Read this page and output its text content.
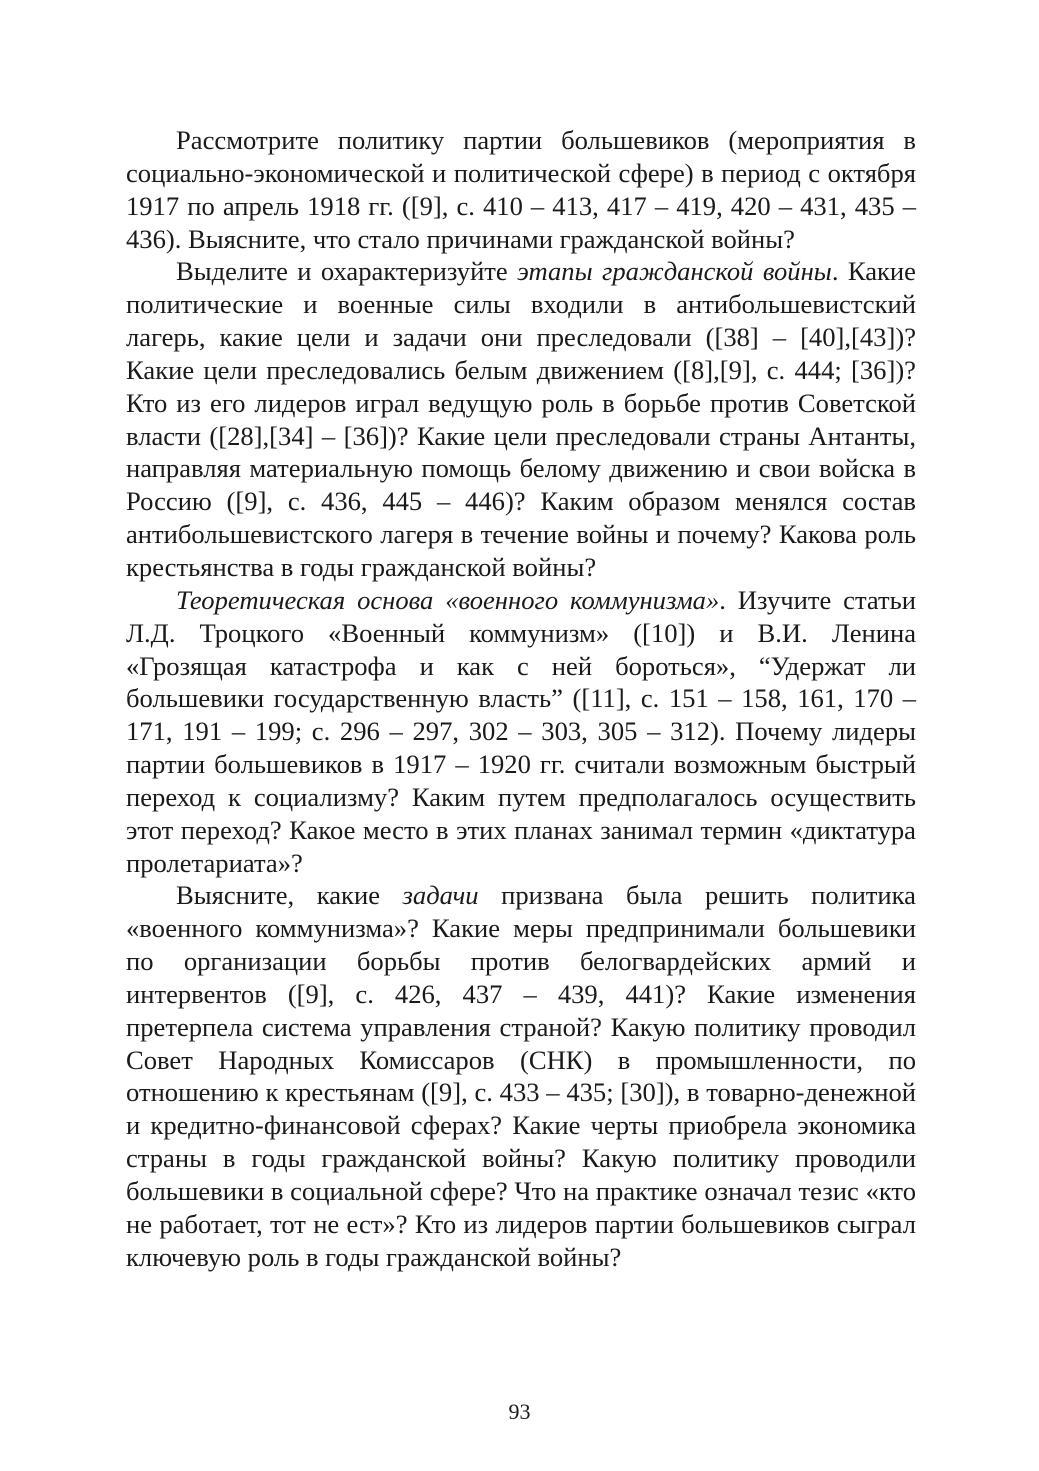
Рассмотрите политику партии большевиков (мероприятия в социально-экономической и политической сфере) в период с октября 1917 по апрель 1918 гг. ([9], с. 410 – 413, 417 – 419, 420 – 431, 435 – 436). Выясните, что стало причинами гражданской войны?

Выделите и охарактеризуйте этапы гражданской войны. Какие политические и военные силы входили в антибольшевистский лагерь, какие цели и задачи они преследовали ([38] – [40],[43])? Какие цели преследовались белым движением ([8],[9], с. 444; [36])? Кто из его лидеров играл ведущую роль в борьбе против Советской власти ([28],[34] – [36])? Какие цели преследовали страны Антанты, направляя материальную помощь белому движению и свои войска в Россию ([9], с. 436, 445 – 446)? Каким образом менялся состав антибольшевистского лагеря в течение войны и почему? Какова роль крестьянства в годы гражданской войны?

Теоретическая основа «военного коммунизма». Изучите статьи Л.Д. Троцкого «Военный коммунизм» ([10]) и В.И. Ленина «Грозящая катастрофа и как с ней бороться», “Удержат ли большевики государственную власть” ([11], с. 151 – 158, 161, 170 – 171, 191 – 199; с. 296 – 297, 302 – 303, 305 – 312). Почему лидеры партии большевиков в 1917 – 1920 гг. считали возможным быстрый переход к социализму? Каким путем предполагалось осуществить этот переход? Какое место в этих планах занимал термин «диктатура пролетариата»?

Выясните, какие задачи призвана была решить политика «военного коммунизма»? Какие меры предпринимали большевики по организации борьбы против белогвардейских армий и интервентов ([9], с. 426, 437 – 439, 441)? Какие изменения претерпела система управления страной? Какую политику проводил Совет Народных Комиссаров (СНК) в промышленности, по отношению к крестьянам ([9], с. 433 – 435; [30]), в товарно-денежной и кредитно-финансовой сферах? Какие черты приобрела экономика страны в годы гражданской войны? Какую политику проводили большевики в социальной сфере? Что на практике означал тезис «кто не работает, тот не ест»? Кто из лидеров партии большевиков сыграл ключевую роль в годы гражданской войны?

93
